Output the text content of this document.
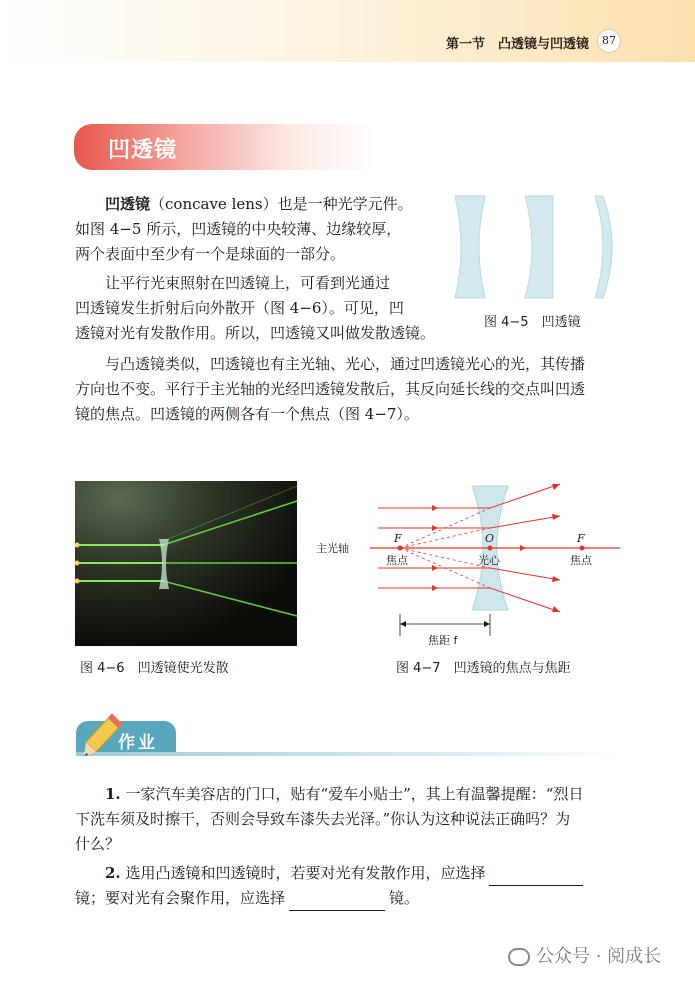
第一节　凸透镜与凹透镜	87
凹透镜
凹透镜（concave lens）也是一种光学元件。
如图 4−5 所示，凹透镜的中央较薄、边缘较厚，
两个表面中至少有一个是球面的一部分。
让平行光束照射在凹透镜上，可看到光通过
凹透镜发生折射后向外散开（图 4−6）。可见，凹
透镜对光有发散作用。所以，凹透镜又叫做发散透镜。
图 4−5　凹透镜
与凸透镜类似，凹透镜也有主光轴、光心，通过凹透镜光心的光，其传播
方向也不变。平行于主光轴的光经凹透镜发散后，其反向延长线的交点叫凹透
镜的焦点。凹透镜的两侧各有一个焦点（图 4−7）。
图 4−6　凹透镜使光发散
主光轴
F
焦点
O
光心
F
焦点
焦距 f
图 4−7　凹透镜的焦点与焦距
作业
1. 一家汽车美容店的门口，贴有“爱车小贴士”，其上有温馨提醒：“烈日
下洗车须及时擦干，否则会导致车漆失去光泽。”你认为这种说法正确吗？为
什么？
2. 选用凸透镜和凹透镜时，若要对光有发散作用，应选择
镜；要对光有会聚作用，应选择	镜。
公众号 · 阅成长
